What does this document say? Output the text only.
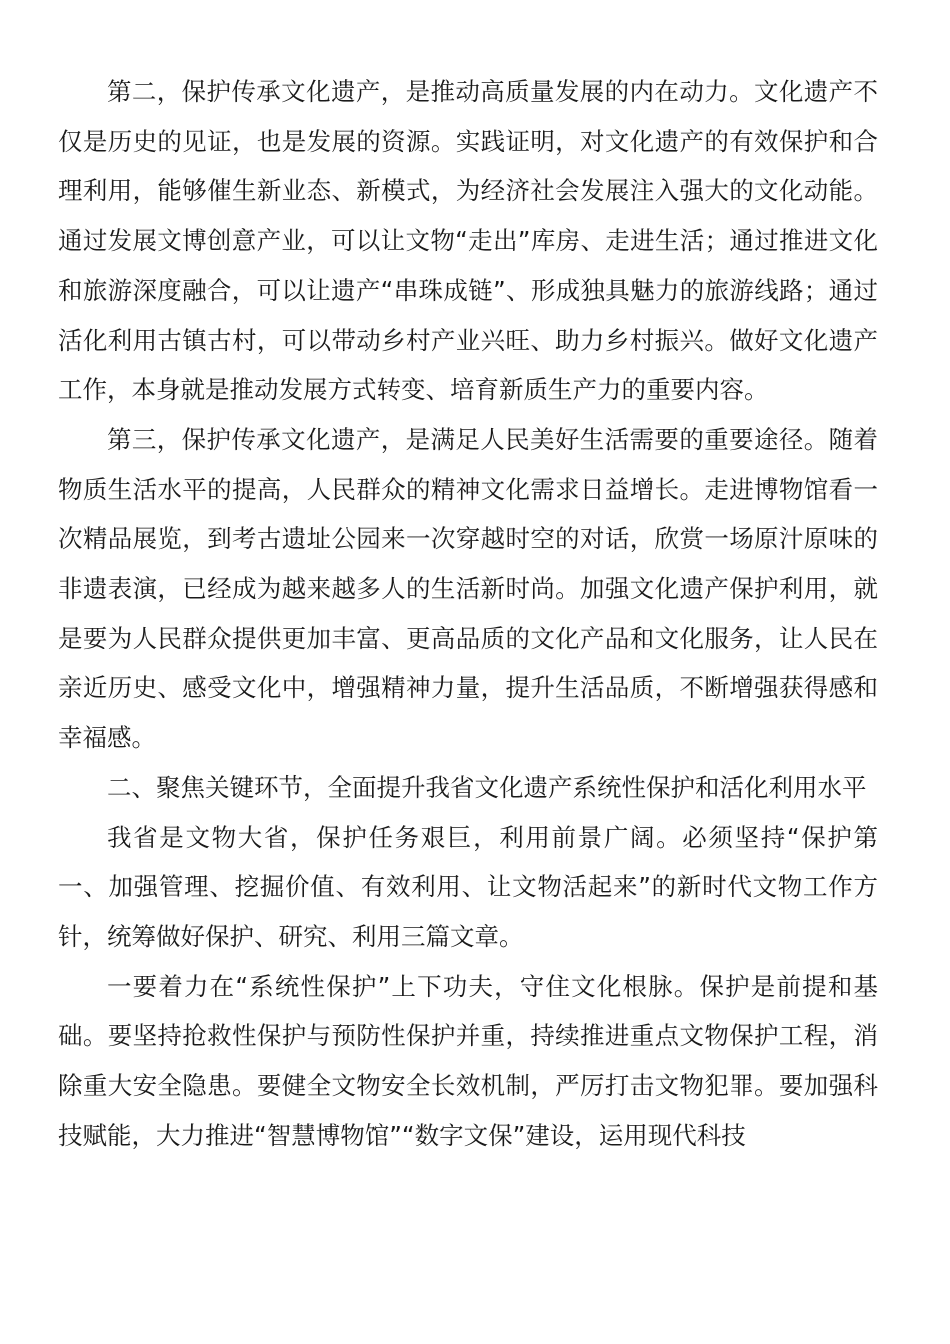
第二，保护传承文化遗产，是推动高质量发展的内在动力。文化遗产不仅是历史的见证，也是发展的资源。实践证明，对文化遗产的有效保护和合理利用，能够催生新业态、新模式，为经济社会发展注入强大的文化动能。通过发展文博创意产业，可以让文物“走出”库房、走进生活；通过推进文化和旅游深度融合，可以让遗产“串珠成链”、形成独具魅力的旅游线路；通过活化利用古镇古村，可以带动乡村产业兴旺、助力乡村振兴。做好文化遗产工作，本身就是推动发展方式转变、培育新质生产力的重要内容。

第三，保护传承文化遗产，是满足人民美好生活需要的重要途径。随着物质生活水平的提高，人民群众的精神文化需求日益增长。走进博物馆看一次精品展览，到考古遗址公园来一次穿越时空的对话，欣赏一场原汁原味的非遗表演，已经成为越来越多人的生活新时尚。加强文化遗产保护利用，就是要为人民群众提供更加丰富、更高品质的文化产品和文化服务，让人民在亲近历史、感受文化中，增强精神力量，提升生活品质，不断增强获得感和幸福感。

二、聚焦关键环节，全面提升我省文化遗产系统性保护和活化利用水平

我省是文物大省，保护任务艰巨，利用前景广阔。必须坚持“保护第一、加强管理、挖掘价值、有效利用、让文物活起来”的新时代文物工作方针，统筹做好保护、研究、利用三篇文章。

一要着力在“系统性保护”上下功夫，守住文化根脉。保护是前提和基础。要坚持抢救性保护与预防性保护并重，持续推进重点文物保护工程，消除重大安全隐患。要健全文物安全长效机制，严厉打击文物犯罪。要加强科技赋能，大力推进“智慧博物馆”“数字文保”建设，运用现代科技
